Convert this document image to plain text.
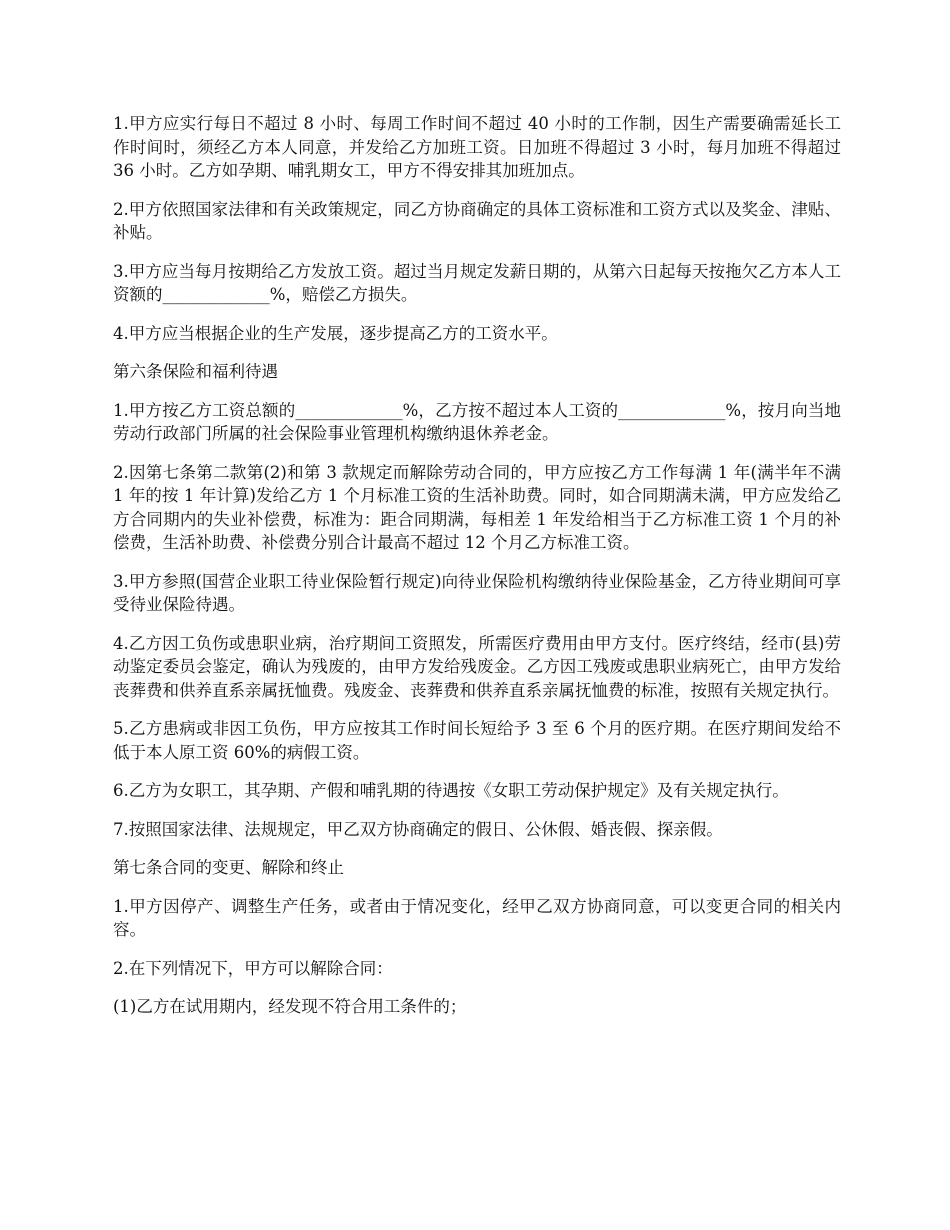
1.甲方应实行每日不超过 8 小时、每周工作时间不超过 40 小时的工作制，因生产需要确需延长工作时间时，须经乙方本人同意，并发给乙方加班工资。日加班不得超过 3 小时，每月加班不得超过 36 小时。乙方如孕期、哺乳期女工，甲方不得安排其加班加点。

2.甲方依照国家法律和有关政策规定，同乙方协商确定的具体工资标准和工资方式以及奖金、津贴、补贴。

3.甲方应当每月按期给乙方发放工资。超过当月规定发薪日期的，从第六日起每天按拖欠乙方本人工资额的_____________%，赔偿乙方损失。

4.甲方应当根据企业的生产发展，逐步提高乙方的工资水平。

第六条保险和福利待遇

1.甲方按乙方工资总额的_____________%，乙方按不超过本人工资的_____________%，按月向当地劳动行政部门所属的社会保险事业管理机构缴纳退休养老金。

2.因第七条第二款第(2)和第 3 款规定而解除劳动合同的，甲方应按乙方工作每满 1 年(满半年不满 1 年的按 1 年计算)发给乙方 1 个月标准工资的生活补助费。同时，如合同期满未满，甲方应发给乙方合同期内的失业补偿费，标准为：距合同期满，每相差 1 年发给相当于乙方标准工资 1 个月的补偿费，生活补助费、补偿费分别合计最高不超过 12 个月乙方标准工资。

3.甲方参照(国营企业职工待业保险暂行规定)向待业保险机构缴纳待业保险基金，乙方待业期间可享受待业保险待遇。

4.乙方因工负伤或患职业病，治疗期间工资照发，所需医疗费用由甲方支付。医疗终结，经市(县)劳动鉴定委员会鉴定，确认为残废的，由甲方发给残废金。乙方因工残废或患职业病死亡，由甲方发给丧葬费和供养直系亲属抚恤费。残废金、丧葬费和供养直系亲属抚恤费的标准，按照有关规定执行。

5.乙方患病或非因工负伤，甲方应按其工作时间长短给予 3 至 6 个月的医疗期。在医疗期间发给不低于本人原工资 60%的病假工资。

6.乙方为女职工，其孕期、产假和哺乳期的待遇按《女职工劳动保护规定》及有关规定执行。

7.按照国家法律、法规规定，甲乙双方协商确定的假日、公休假、婚丧假、探亲假。

第七条合同的变更、解除和终止

1.甲方因停产、调整生产任务，或者由于情况变化，经甲乙双方协商同意，可以变更合同的相关内容。

2.在下列情况下，甲方可以解除合同：

(1)乙方在试用期内，经发现不符合用工条件的；
